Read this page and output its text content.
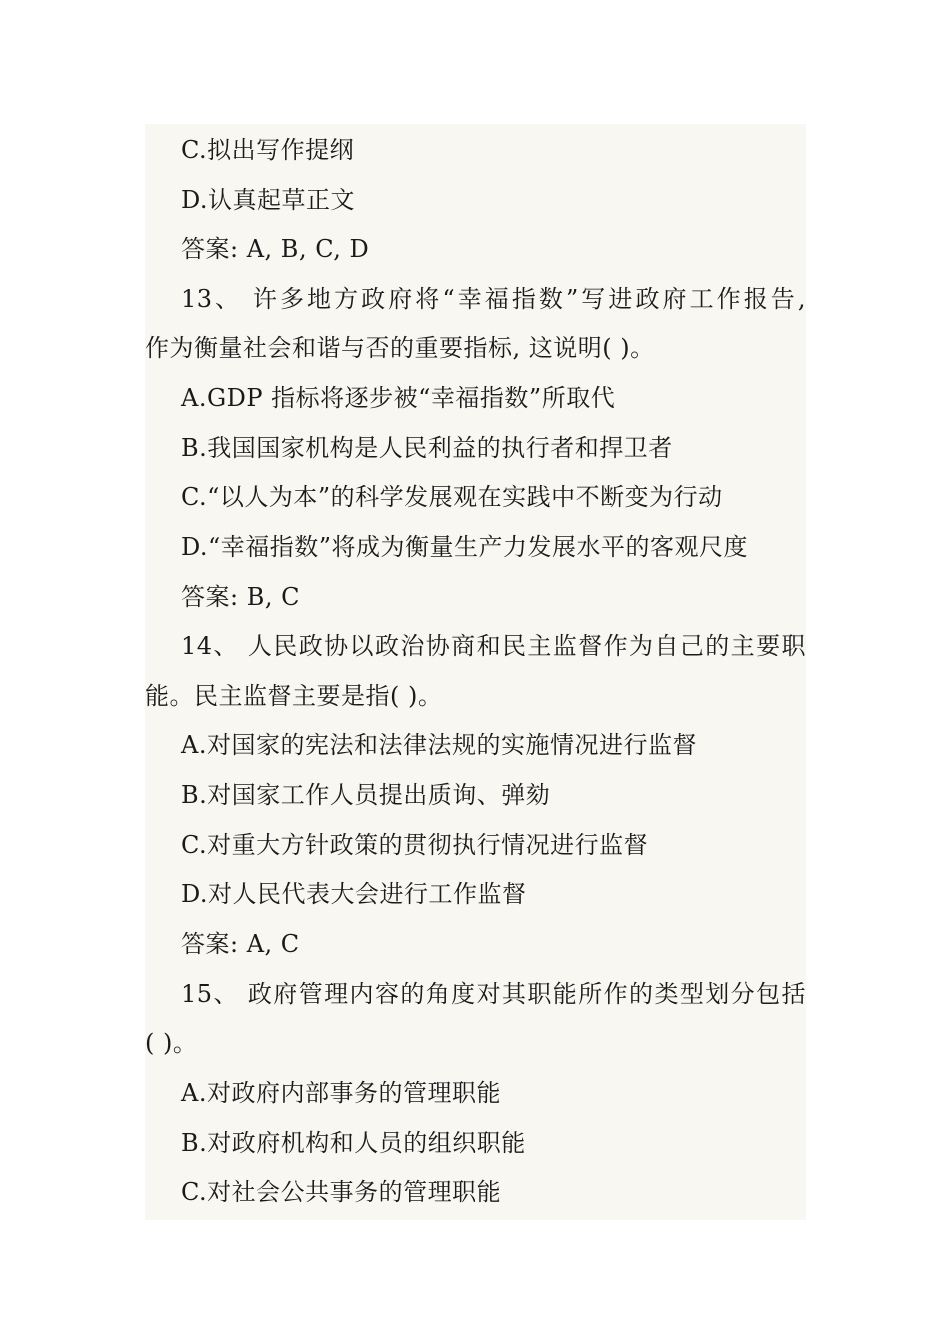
C.拟出写作提纲
D.认真起草正文
答案: A, B, C, D
13、 许多地方政府将“幸福指数”写进政府工作报告,
作为衡量社会和谐与否的重要指标, 这说明( )。
A.GDP 指标将逐步被“幸福指数”所取代
B.我国国家机构是人民利益的执行者和捍卫者
C.“以人为本”的科学发展观在实践中不断变为行动
D.“幸福指数”将成为衡量生产力发展水平的客观尺度
答案: B, C
14、 人民政协以政治协商和民主监督作为自己的主要职
能。民主监督主要是指( )。
A.对国家的宪法和法律法规的实施情况进行监督
B.对国家工作人员提出质询、弹劾
C.对重大方针政策的贯彻执行情况进行监督
D.对人民代表大会进行工作监督
答案: A, C
15、 政府管理内容的角度对其职能所作的类型划分包括
( )。
A.对政府内部事务的管理职能
B.对政府机构和人员的组织职能
C.对社会公共事务的管理职能
